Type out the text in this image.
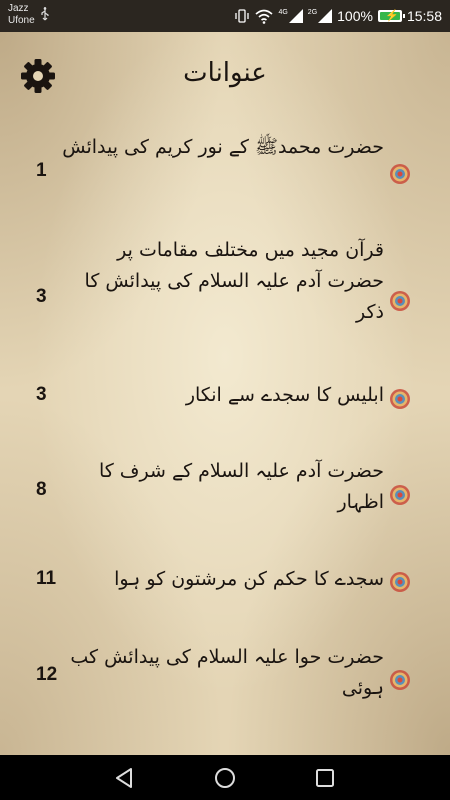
Jazz
Ufone
4G	2G 100% ⚡ 15:58
عنوانات
حضرت محمدﷺ کے نور کریم کی پیدائش
1
قرآن مجید میں مختلف مقامات پر حضرت آدم علیہ السلام کی پیدائش کا ذکر
3
ابلیس کا سجدے سے انکار
3
حضرت آدم علیہ السلام کے شرف کا اظہار
8
سجدے کا حکم کن مرشتون کو ہوا
11
حضرت حوا علیہ السلام کی پیدائش کب ہوئی
12
